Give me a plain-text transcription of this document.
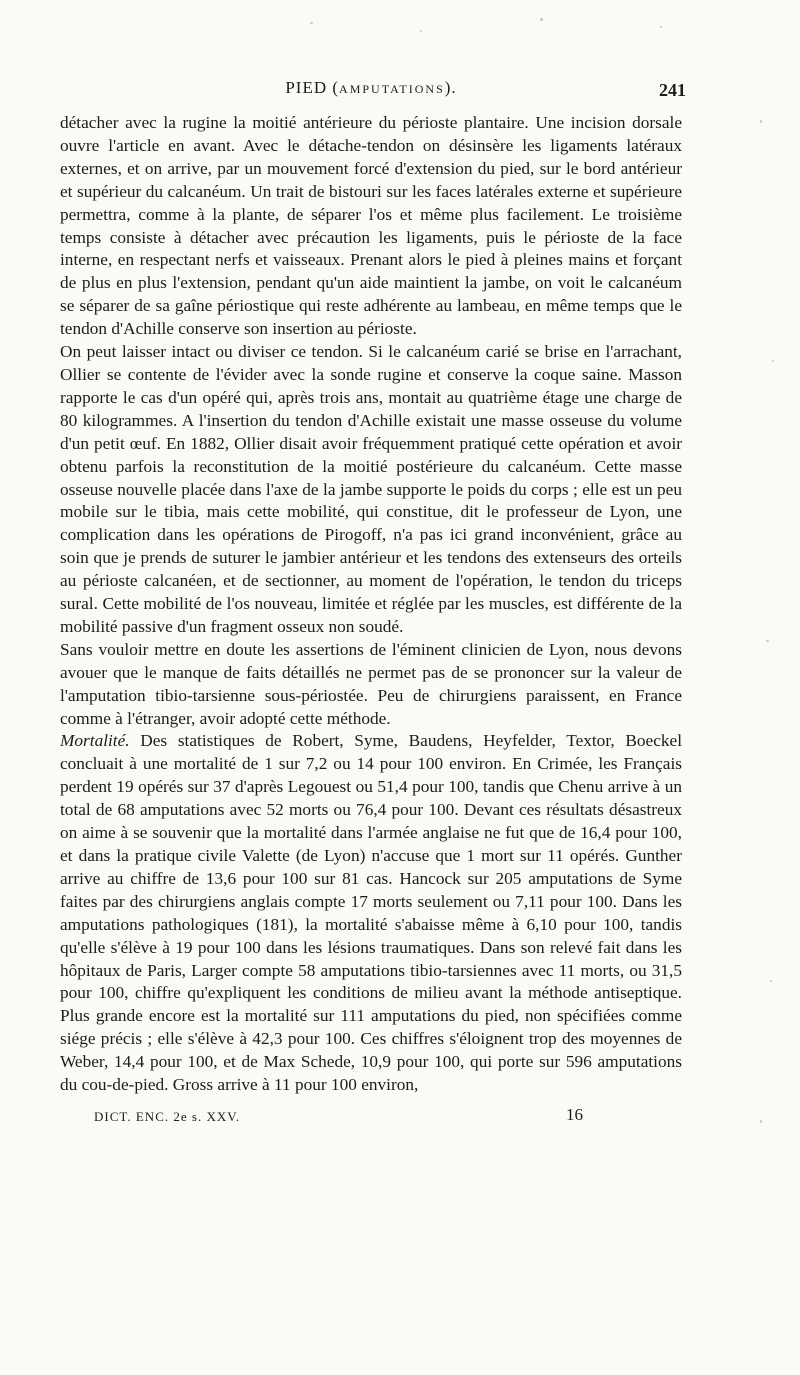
PIED (AMPUTATIONS).	241

détacher avec la rugine la moitié antérieure du périoste plantaire. Une incision dorsale ouvre l'article en avant. Avec le détache-tendon on désinsère les ligaments latéraux externes, et on arrive, par un mouvement forcé d'extension du pied, sur le bord antérieur et supérieur du calcanéum. Un trait de bistouri sur les faces latérales externe et supérieure permettra, comme à la plante, de séparer l'os et même plus facilement. Le troisième temps consiste à détacher avec précaution les ligaments, puis le périoste de la face interne, en respectant nerfs et vaisseaux. Prenant alors le pied à pleines mains et forçant de plus en plus l'extension, pendant qu'un aide maintient la jambe, on voit le calcanéum se séparer de sa gaîne périostique qui reste adhérente au lambeau, en même temps que le tendon d'Achille conserve son insertion au périoste.

On peut laisser intact ou diviser ce tendon. Si le calcanéum carié se brise en l'arrachant, Ollier se contente de l'évider avec la sonde rugine et conserve la coque saine. Masson rapporte le cas d'un opéré qui, après trois ans, montait au quatrième étage une charge de 80 kilogrammes. A l'insertion du tendon d'Achille existait une masse osseuse du volume d'un petit œuf. En 1882, Ollier disait avoir fréquemment pratiqué cette opération et avoir obtenu parfois la reconstitution de la moitié postérieure du calcanéum. Cette masse osseuse nouvelle placée dans l'axe de la jambe supporte le poids du corps ; elle est un peu mobile sur le tibia, mais cette mobilité, qui constitue, dit le professeur de Lyon, une complication dans les opérations de Pirogoff, n'a pas ici grand inconvénient, grâce au soin que je prends de suturer le jambier antérieur et les tendons des extenseurs des orteils au périoste calcanéen, et de sectionner, au moment de l'opération, le tendon du triceps sural. Cette mobilité de l'os nouveau, limitée et réglée par les muscles, est différente de la mobilité passive d'un fragment osseux non soudé.

Sans vouloir mettre en doute les assertions de l'éminent clinicien de Lyon, nous devons avouer que le manque de faits détaillés ne permet pas de se prononcer sur la valeur de l'amputation tibio-tarsienne sous-périostée. Peu de chirurgiens paraissent, en France comme à l'étranger, avoir adopté cette méthode.

Mortalité. Des statistiques de Robert, Syme, Baudens, Heyfelder, Textor, Boeckel concluait à une mortalité de 1 sur 7,2 ou 14 pour 100 environ. En Crimée, les Français perdent 19 opérés sur 37 d'après Legouest ou 51,4 pour 100, tandis que Chenu arrive à un total de 68 amputations avec 52 morts ou 76,4 pour 100. Devant ces résultats désastreux on aime à se souvenir que la mortalité dans l'armée anglaise ne fut que de 16,4 pour 100, et dans la pratique civile Valette (de Lyon) n'accuse que 1 mort sur 11 opérés. Gunther arrive au chiffre de 13,6 pour 100 sur 81 cas. Hancock sur 205 amputations de Syme faites par des chirurgiens anglais compte 17 morts seulement ou 7,11 pour 100. Dans les amputations pathologiques (181), la mortalité s'abaisse même à 6,10 pour 100, tandis qu'elle s'élève à 19 pour 100 dans les lésions traumatiques. Dans son relevé fait dans les hôpitaux de Paris, Larger compte 58 amputations tibio-tarsiennes avec 11 morts, ou 31,5 pour 100, chiffre qu'expliquent les conditions de milieu avant la méthode antiseptique. Plus grande encore est la mortalité sur 111 amputations du pied, non spécifiées comme siége précis ; elle s'élève à 42,3 pour 100. Ces chiffres s'éloignent trop des moyennes de Weber, 14,4 pour 100, et de Max Schede, 10,9 pour 100, qui porte sur 596 amputations du cou-de-pied. Gross arrive à 11 pour 100 environ,

DICT. ENC. 2e s. XXV.	16
